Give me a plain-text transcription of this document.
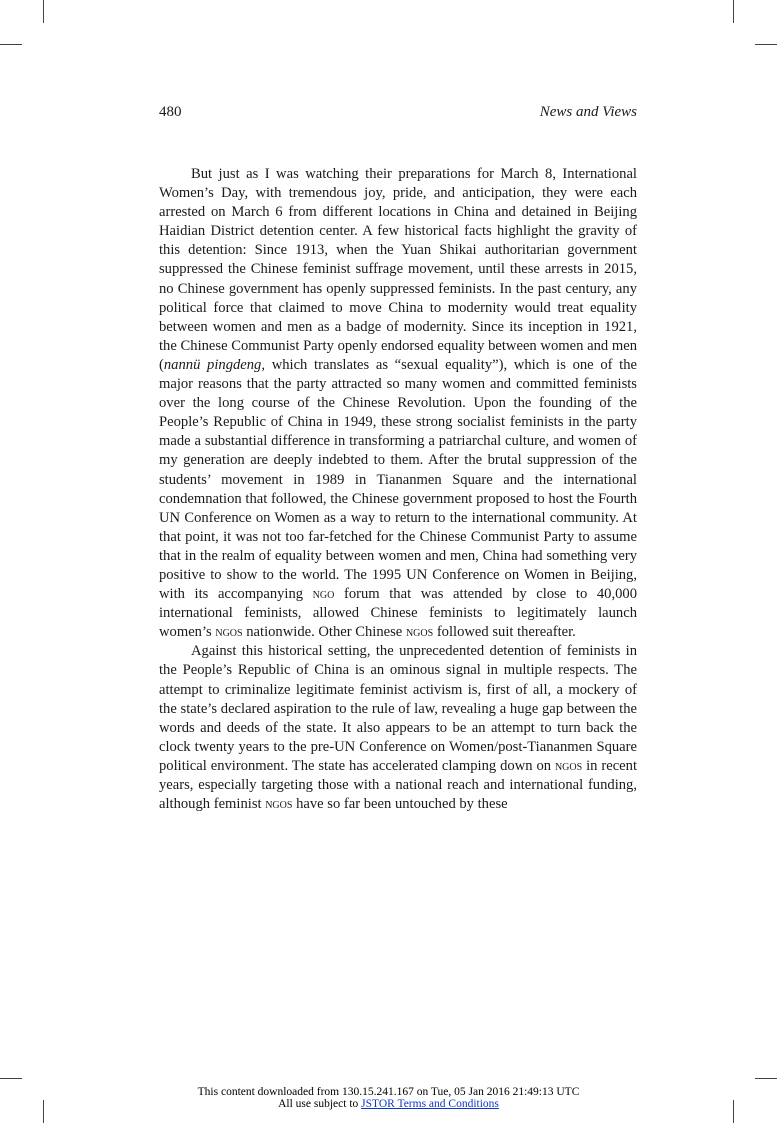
480	News and Views

But just as I was watching their preparations for March 8, International Women’s Day, with tremendous joy, pride, and anticipation, they were each arrested on March 6 from different locations in China and detained in Beijing Haidian District detention center. A few historical facts highlight the gravity of this detention: Since 1913, when the Yuan Shikai authoritarian government suppressed the Chinese feminist suffrage movement, until these arrests in 2015, no Chinese government has openly suppressed feminists. In the past century, any political force that claimed to move China to modernity would treat equality between women and men as a badge of modernity. Since its inception in 1921, the Chinese Communist Party openly endorsed equality between women and men (nannü pingdeng, which translates as “sexual equality”), which is one of the major reasons that the party attracted so many women and committed feminists over the long course of the Chinese Revolution. Upon the founding of the People’s Republic of China in 1949, these strong socialist feminists in the party made a substantial difference in transforming a patriarchal culture, and women of my generation are deeply indebted to them. After the brutal suppression of the students’ movement in 1989 in Tiananmen Square and the international condemnation that followed, the Chinese government proposed to host the Fourth UN Conference on Women as a way to return to the international community. At that point, it was not too far-fetched for the Chinese Communist Party to assume that in the realm of equality between women and men, China had something very positive to show to the world. The 1995 UN Conference on Women in Beijing, with its accompanying ngo forum that was attended by close to 40,000 international feminists, allowed Chinese feminists to legitimately launch women’s ngos nationwide. Other Chinese ngos followed suit thereafter.

Against this historical setting, the unprecedented detention of feminists in the People’s Republic of China is an ominous signal in multiple respects. The attempt to criminalize legitimate feminist activism is, first of all, a mockery of the state’s declared aspiration to the rule of law, revealing a huge gap between the words and deeds of the state. It also appears to be an attempt to turn back the clock twenty years to the pre-UN Conference on Women/post-Tiananmen Square political environment. The state has accelerated clamping down on ngos in recent years, especially targeting those with a national reach and international funding, although feminist ngos have so far been untouched by these

This content downloaded from 130.15.241.167 on Tue, 05 Jan 2016 21:49:13 UTC
All use subject to JSTOR Terms and Conditions
